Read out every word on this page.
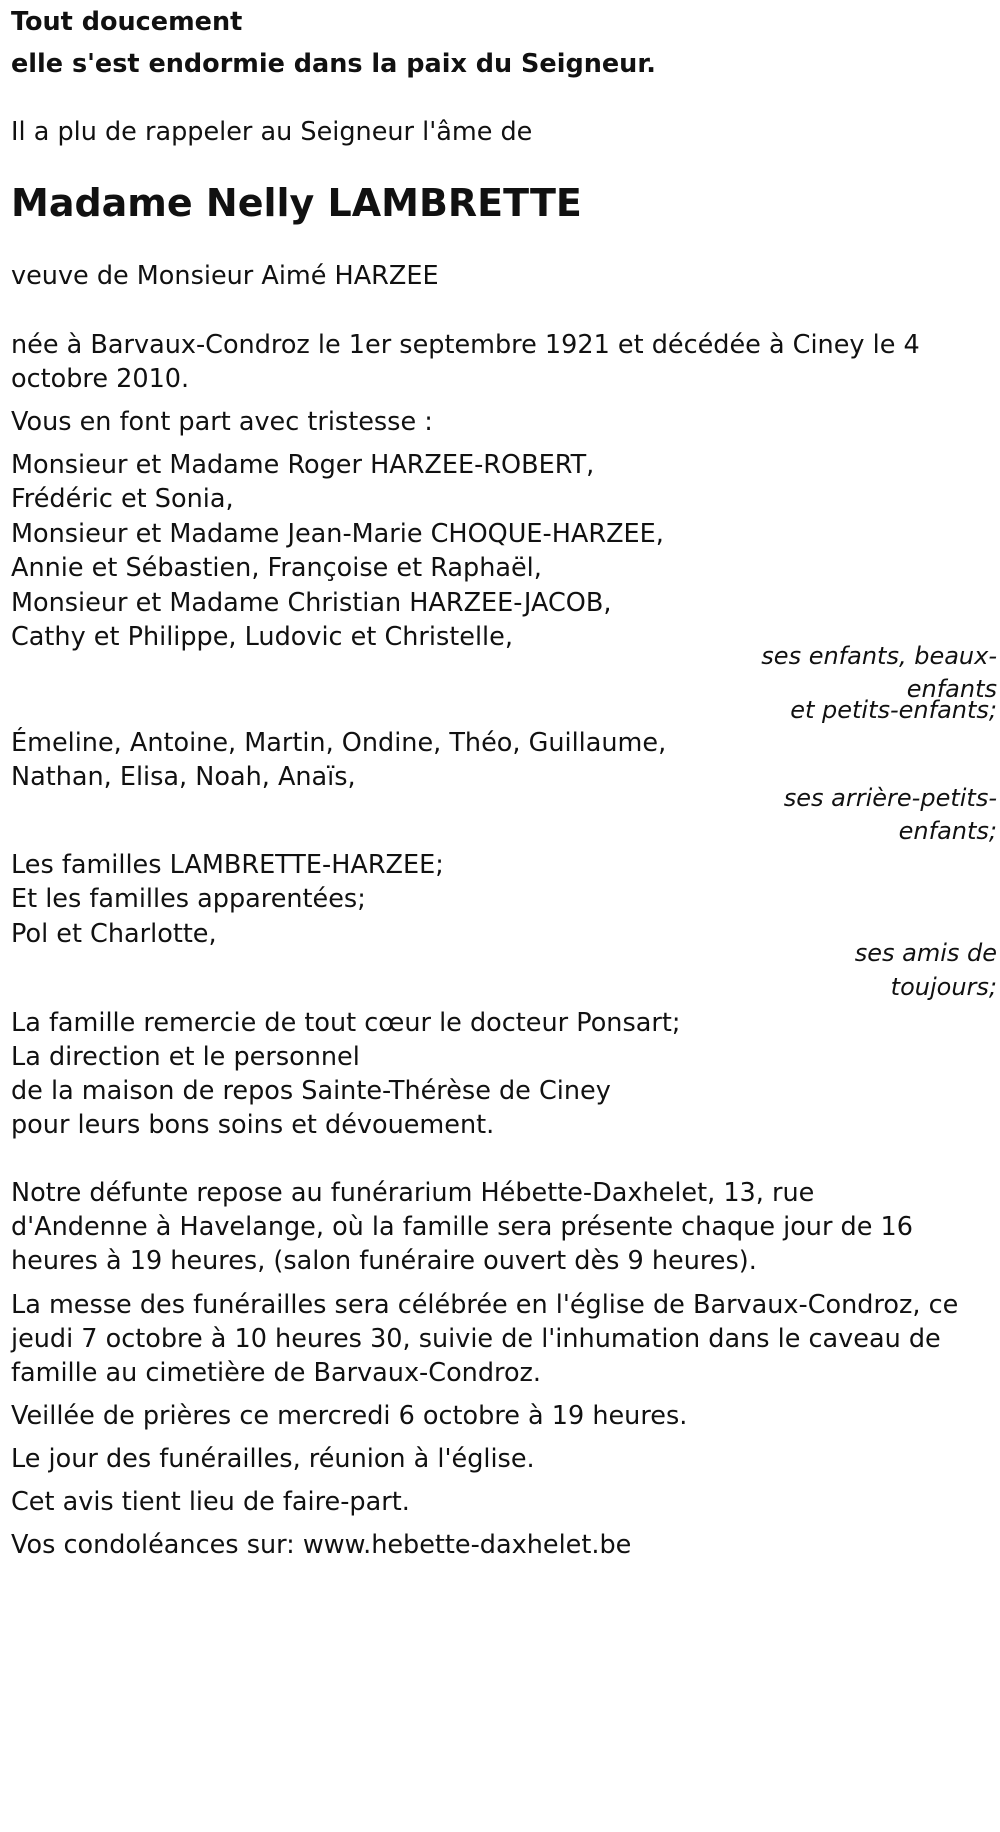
Tout doucement
elle s'est endormie dans la paix du Seigneur.
Il a plu de rappeler au Seigneur l'âme de
Madame Nelly LAMBRETTE
veuve de Monsieur Aimé HARZEE
née à Barvaux-Condroz le 1er septembre 1921 et décédée à Ciney le 4
octobre 2010.
Vous en font part avec tristesse :
Monsieur et Madame Roger HARZEE-ROBERT,
Frédéric et Sonia,
Monsieur et Madame Jean-Marie CHOQUE-HARZEE,
Annie et Sébastien, Françoise et Raphaël,
Monsieur et Madame Christian HARZEE-JACOB,
Cathy et Philippe, Ludovic et Christelle,
ses enfants, beaux-
enfants
et petits-enfants;
Émeline, Antoine, Martin, Ondine, Théo, Guillaume,
Nathan, Elisa, Noah, Anaïs,
ses arrière-petits-
enfants;
Les familles LAMBRETTE-HARZEE;
Et les familles apparentées;
Pol et Charlotte,
ses amis de
toujours;
La famille remercie de tout cœur le docteur Ponsart;
La direction et le personnel
de la maison de repos Sainte-Thérèse de Ciney
pour leurs bons soins et dévouement.
Notre défunte repose au funérarium Hébette-Daxhelet, 13, rue
d'Andenne à Havelange, où la famille sera présente chaque jour de 16
heures à 19 heures, (salon funéraire ouvert dès 9 heures).
La messe des funérailles sera célébrée en l'église de Barvaux-Condroz, ce
jeudi 7 octobre à 10 heures 30, suivie de l'inhumation dans le caveau de
famille au cimetière de Barvaux-Condroz.
Veillée de prières ce mercredi 6 octobre à 19 heures.
Le jour des funérailles, réunion à l'église.
Cet avis tient lieu de faire-part.
Vos condoléances sur: www.hebette-daxhelet.be
